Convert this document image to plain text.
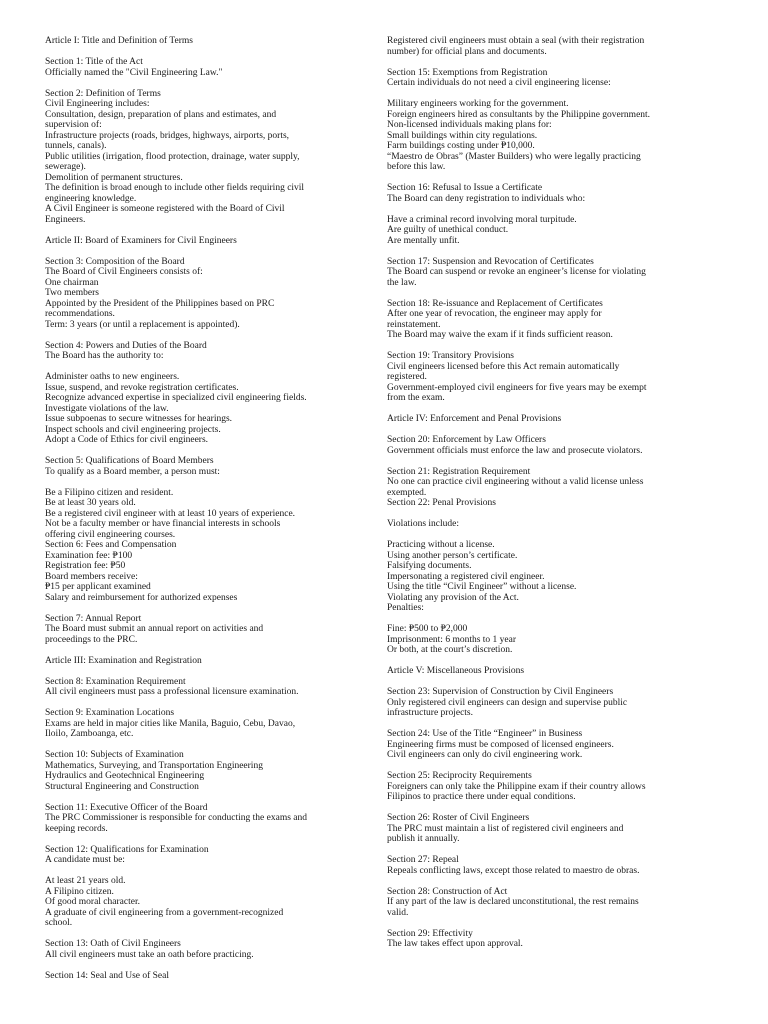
Article I: Title and Definition of Terms
Section 1: Title of the Act
Officially named the "Civil Engineering Law."
Section 2: Definition of Terms
Civil Engineering includes:
Consultation, design, preparation of plans and estimates, and
supervision of:
Infrastructure projects (roads, bridges, highways, airports, ports,
tunnels, canals).
Public utilities (irrigation, flood protection, drainage, water supply,
sewerage).
Demolition of permanent structures.
The definition is broad enough to include other fields requiring civil
engineering knowledge.
A Civil Engineer is someone registered with the Board of Civil
Engineers.
Article II: Board of Examiners for Civil Engineers
Section 3: Composition of the Board
The Board of Civil Engineers consists of:
One chairman
Two members
Appointed by the President of the Philippines based on PRC
recommendations.
Term: 3 years (or until a replacement is appointed).
Section 4: Powers and Duties of the Board
The Board has the authority to:
Administer oaths to new engineers.
Issue, suspend, and revoke registration certificates.
Recognize advanced expertise in specialized civil engineering fields.
Investigate violations of the law.
Issue subpoenas to secure witnesses for hearings.
Inspect schools and civil engineering projects.
Adopt a Code of Ethics for civil engineers.
Section 5: Qualifications of Board Members
To qualify as a Board member, a person must:
Be a Filipino citizen and resident.
Be at least 30 years old.
Be a registered civil engineer with at least 10 years of experience.
Not be a faculty member or have financial interests in schools
offering civil engineering courses.
Section 6: Fees and Compensation
Examination fee: ₱100
Registration fee: ₱50
Board members receive:
₱15 per applicant examined
Salary and reimbursement for authorized expenses
Section 7: Annual Report
The Board must submit an annual report on activities and
proceedings to the PRC.
Article III: Examination and Registration
Section 8: Examination Requirement
All civil engineers must pass a professional licensure examination.
Section 9: Examination Locations
Exams are held in major cities like Manila, Baguio, Cebu, Davao,
Iloilo, Zamboanga, etc.
Section 10: Subjects of Examination
Mathematics, Surveying, and Transportation Engineering
Hydraulics and Geotechnical Engineering
Structural Engineering and Construction
Section 11: Executive Officer of the Board
The PRC Commissioner is responsible for conducting the exams and
keeping records.
Section 12: Qualifications for Examination
A candidate must be:
At least 21 years old.
A Filipino citizen.
Of good moral character.
A graduate of civil engineering from a government-recognized
school.
Section 13: Oath of Civil Engineers
All civil engineers must take an oath before practicing.
Section 14: Seal and Use of Seal
Registered civil engineers must obtain a seal (with their registration
number) for official plans and documents.
Section 15: Exemptions from Registration
Certain individuals do not need a civil engineering license:
Military engineers working for the government.
Foreign engineers hired as consultants by the Philippine government.
Non-licensed individuals making plans for:
Small buildings within city regulations.
Farm buildings costing under ₱10,000.
“Maestro de Obras” (Master Builders) who were legally practicing
before this law.
Section 16: Refusal to Issue a Certificate
The Board can deny registration to individuals who:
Have a criminal record involving moral turpitude.
Are guilty of unethical conduct.
Are mentally unfit.
Section 17: Suspension and Revocation of Certificates
The Board can suspend or revoke an engineer’s license for violating
the law.
Section 18: Re-issuance and Replacement of Certificates
After one year of revocation, the engineer may apply for
reinstatement.
The Board may waive the exam if it finds sufficient reason.
Section 19: Transitory Provisions
Civil engineers licensed before this Act remain automatically
registered.
Government-employed civil engineers for five years may be exempt
from the exam.
Article IV: Enforcement and Penal Provisions
Section 20: Enforcement by Law Officers
Government officials must enforce the law and prosecute violators.
Section 21: Registration Requirement
No one can practice civil engineering without a valid license unless
exempted.
Section 22: Penal Provisions
Violations include:
Practicing without a license.
Using another person’s certificate.
Falsifying documents.
Impersonating a registered civil engineer.
Using the title “Civil Engineer” without a license.
Violating any provision of the Act.
Penalties:
Fine: ₱500 to ₱2,000
Imprisonment: 6 months to 1 year
Or both, at the court’s discretion.
Article V: Miscellaneous Provisions
Section 23: Supervision of Construction by Civil Engineers
Only registered civil engineers can design and supervise public
infrastructure projects.
Section 24: Use of the Title “Engineer” in Business
Engineering firms must be composed of licensed engineers.
Civil engineers can only do civil engineering work.
Section 25: Reciprocity Requirements
Foreigners can only take the Philippine exam if their country allows
Filipinos to practice there under equal conditions.
Section 26: Roster of Civil Engineers
The PRC must maintain a list of registered civil engineers and
publish it annually.
Section 27: Repeal
Repeals conflicting laws, except those related to maestro de obras.
Section 28: Construction of Act
If any part of the law is declared unconstitutional, the rest remains
valid.
Section 29: Effectivity
The law takes effect upon approval.
